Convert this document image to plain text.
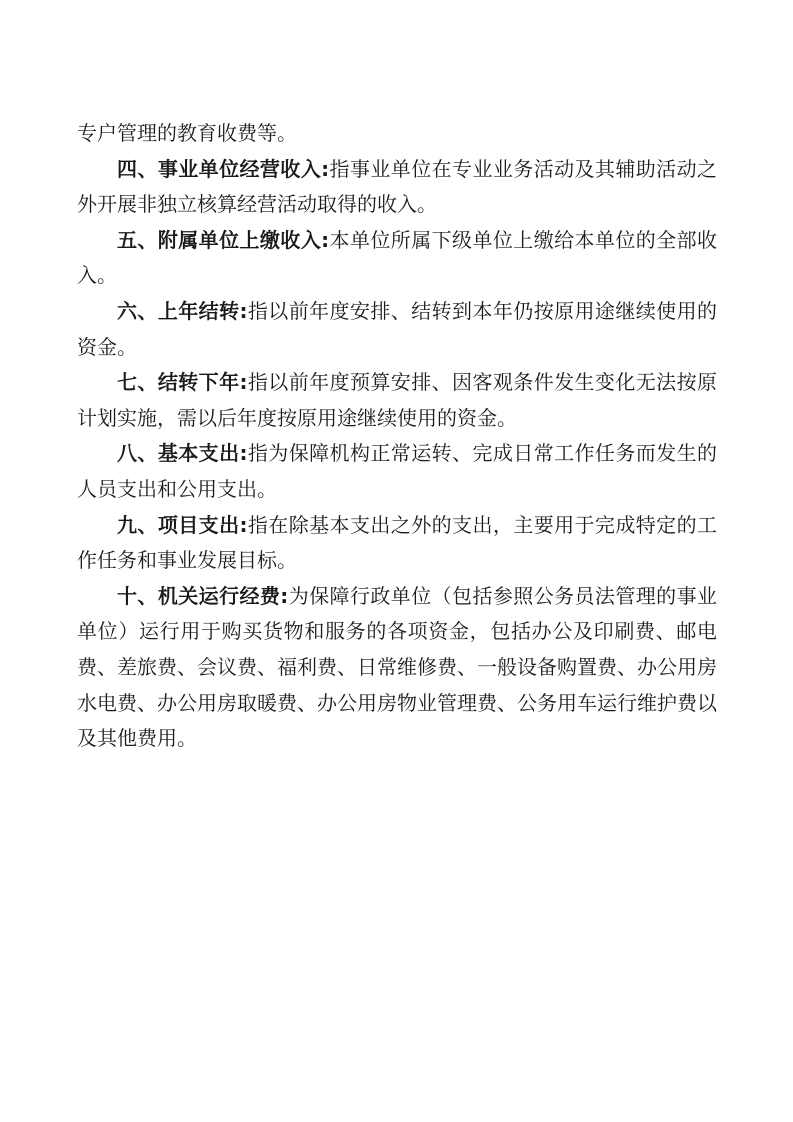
专户管理的教育收费等。

四、事业单位经营收入:指事业单位在专业业务活动及其辅助活动之外开展非独立核算经营活动取得的收入。

五、附属单位上缴收入:本单位所属下级单位上缴给本单位的全部收入。

六、上年结转:指以前年度安排、结转到本年仍按原用途继续使用的资金。

七、结转下年:指以前年度预算安排、因客观条件发生变化无法按原计划实施，需以后年度按原用途继续使用的资金。

八、基本支出:指为保障机构正常运转、完成日常工作任务而发生的人员支出和公用支出。

九、项目支出:指在除基本支出之外的支出，主要用于完成特定的工作任务和事业发展目标。

十、机关运行经费:为保障行政单位（包括参照公务员法管理的事业单位）运行用于购买货物和服务的各项资金，包括办公及印刷费、邮电费、差旅费、会议费、福利费、日常维修费、一般设备购置费、办公用房水电费、办公用房取暖费、办公用房物业管理费、公务用车运行维护费以及其他费用。
